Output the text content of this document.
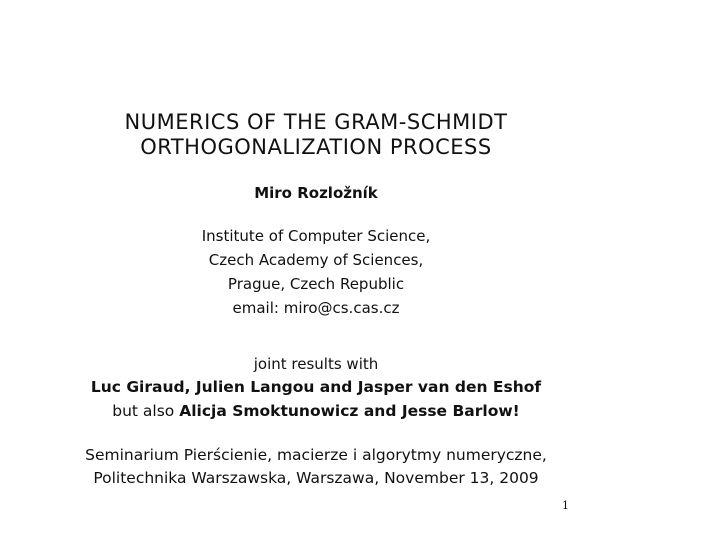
NUMERICS OF THE GRAM-SCHMIDT
ORTHOGONALIZATION PROCESS
Miro Rozložník
Institute of Computer Science,
Czech Academy of Sciences,
Prague, Czech Republic
email: miro@cs.cas.cz
joint results with
Luc Giraud, Julien Langou and Jasper van den Eshof
but also Alicja Smoktunowicz and Jesse Barlow!
Seminarium Pierścienie, macierze i algorytmy numeryczne,
Politechnika Warszawska, Warszawa, November 13, 2009
1
